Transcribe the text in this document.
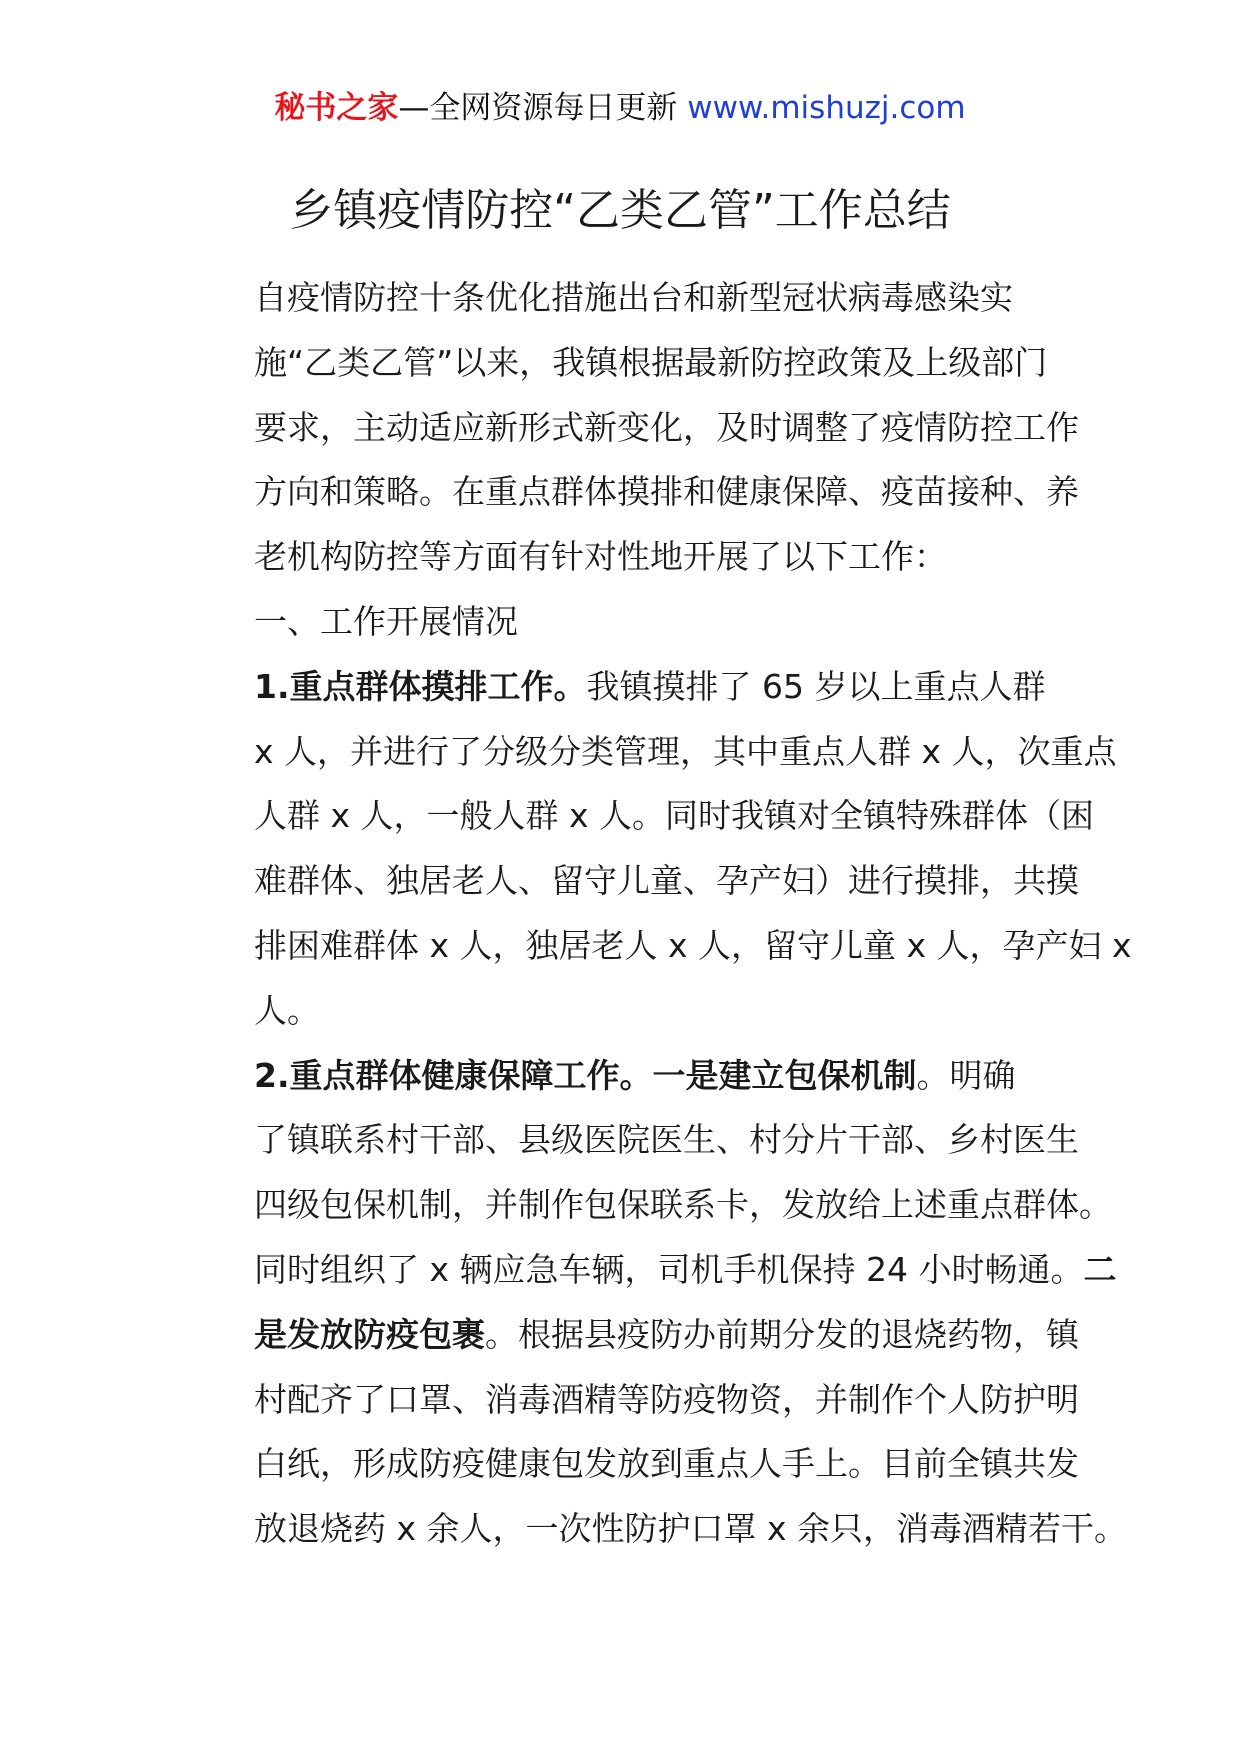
秘书之家—全网资源每日更新 www.mishuzj.com
乡镇疫情防控“乙类乙管”工作总结

自疫情防控十条优化措施出台和新型冠状病毒感染实
施“乙类乙管”以来，我镇根据最新防控政策及上级部门
要求，主动适应新形式新变化，及时调整了疫情防控工作
方向和策略。在重点群体摸排和健康保障、疫苗接种、养
老机构防控等方面有针对性地开展了以下工作：

一、工作开展情况

1.重点群体摸排工作。我镇摸排了 65 岁以上重点人群
x 人，并进行了分级分类管理，其中重点人群 x 人，次重点
人群 x 人，一般人群 x 人。同时我镇对全镇特殊群体（困
难群体、独居老人、留守儿童、孕产妇）进行摸排，共摸
排困难群体 x 人，独居老人 x 人，留守儿童 x 人，孕产妇 x
人。

2.重点群体健康保障工作。一是建立包保机制。明确
了镇联系村干部、县级医院医生、村分片干部、乡村医生
四级包保机制，并制作包保联系卡，发放给上述重点群体。
同时组织了 x 辆应急车辆，司机手机保持 24 小时畅通。二
是发放防疫包裹。根据县疫防办前期分发的退烧药物，镇
村配齐了口罩、消毒酒精等防疫物资，并制作个人防护明
白纸，形成防疫健康包发放到重点人手上。目前全镇共发
放退烧药 x 余人，一次性防护口罩 x 余只，消毒酒精若干。
